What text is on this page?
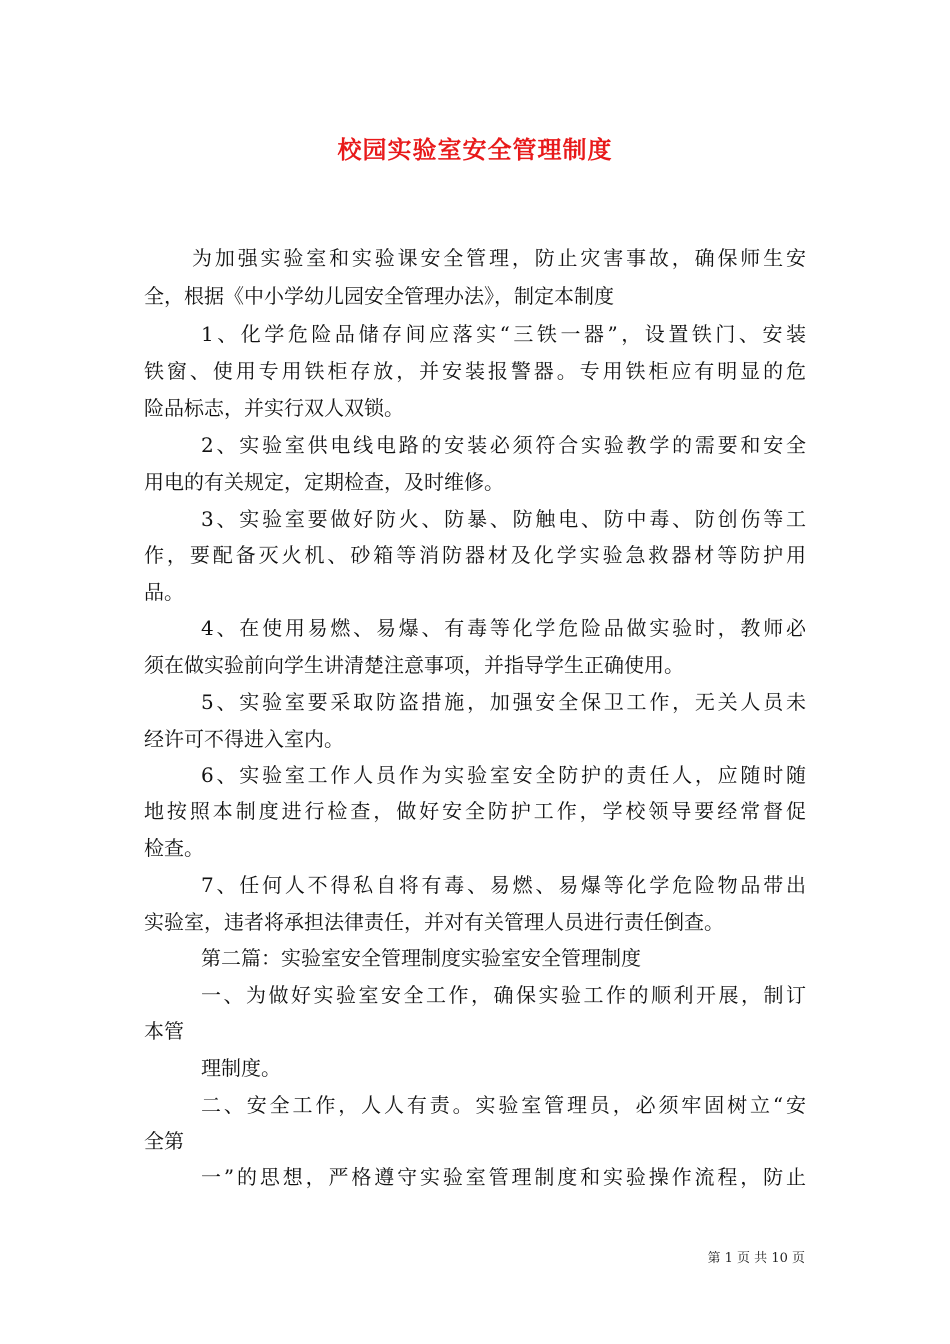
校园实验室安全管理制度

为加强实验室和实验课安全管理，防止灾害事故，确保师生安

全，根据《中小学幼儿园安全管理办法》，制定本制度

1、化学危险品储存间应落实“三铁一器”，设置铁门、安装

铁窗、使用专用铁柜存放，并安装报警器。专用铁柜应有明显的危

险品标志，并实行双人双锁。

2、实验室供电线电路的安装必须符合实验教学的需要和安全

用电的有关规定，定期检查，及时维修。

3、实验室要做好防火、防暴、防触电、防中毒、防创伤等工

作，要配备灭火机、砂箱等消防器材及化学实验急救器材等防护用

品。

4、在使用易燃、易爆、有毒等化学危险品做实验时，教师必

须在做实验前向学生讲清楚注意事项，并指导学生正确使用。

5、实验室要采取防盗措施，加强安全保卫工作，无关人员未

经许可不得进入室内。

6、实验室工作人员作为实验室安全防护的责任人，应随时随

地按照本制度进行检查，做好安全防护工作，学校领导要经常督促

检查。

7、任何人不得私自将有毒、易燃、易爆等化学危险物品带出

实验室，违者将承担法律责任，并对有关管理人员进行责任倒查。

第二篇：实验室安全管理制度实验室安全管理制度

一、为做好实验室安全工作，确保实验工作的顺利开展，制订

本管

理制度。

二、安全工作，人人有责。实验室管理员，必须牢固树立“安

全第

一”的思想，严格遵守实验室管理制度和实验操作流程，防止

第 1 页 共 10 页
